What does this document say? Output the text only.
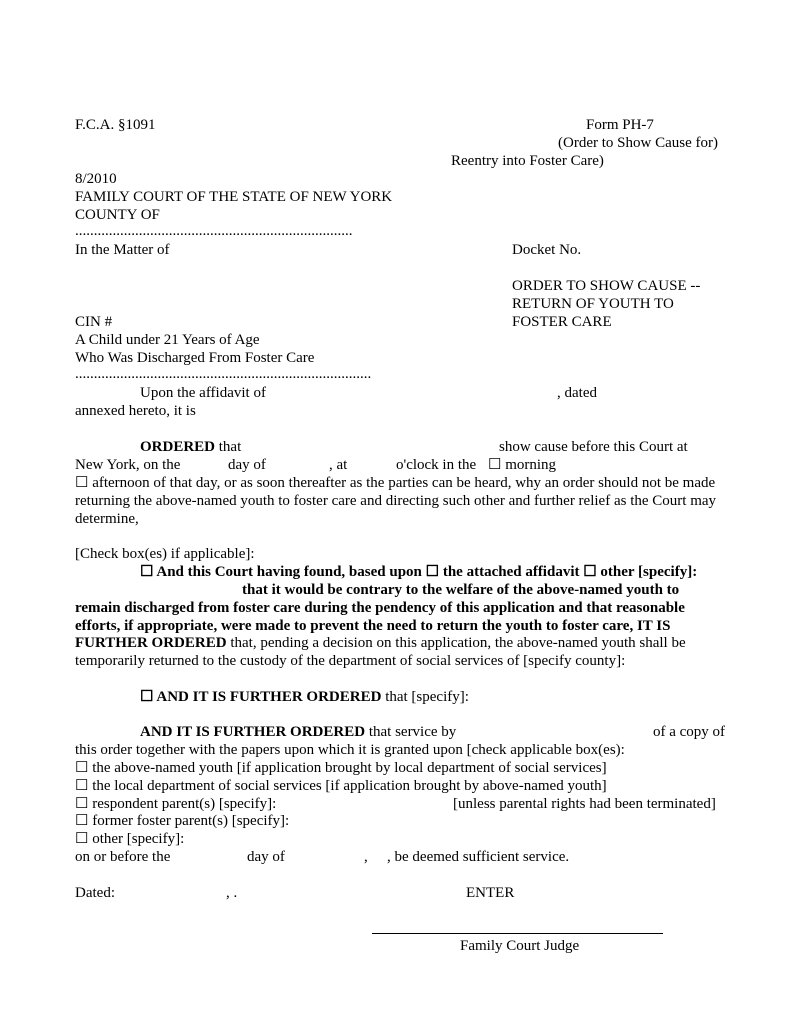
F.C.A. §1091	Form PH-7
(Order to Show Cause for)
Reentry into Foster Care)
8/2010
FAMILY COURT OF THE STATE OF NEW YORK
COUNTY OF
..........................................................................
In the Matter of	Docket No.
ORDER TO SHOW CAUSE --
RETURN OF YOUTH TO
FOSTER CARE
CIN #
A Child under 21 Years of Age
Who Was Discharged From Foster Care
...............................................................................
Upon the affidavit of	, dated
annexed hereto, it is
ORDERED that	show cause before this Court at
New York, on the	day of	, at	o'clock in the ☐ morning
☐ afternoon of that day, or as soon thereafter as the parties can be heard, why an order should not be made
returning the above-named youth to foster care and directing such other and further relief as the Court may
determine,
[Check box(es) if applicable]:
☐ And this Court having found, based upon ☐ the attached affidavit ☐ other [specify]:
that it would be contrary to the welfare of the above-named youth to
remain discharged from foster care during the pendency of this application and that reasonable
efforts, if appropriate, were made to prevent the need to return the youth to foster care, IT IS
FURTHER ORDERED that, pending a decision on this application, the above-named youth shall be
temporarily returned to the custody of the department of social services of [specify county]:
☐ AND IT IS FURTHER ORDERED that [specify]:
AND IT IS FURTHER ORDERED that service by	of a copy of
this order together with the papers upon which it is granted upon [check applicable box(es):
☐ the above-named youth [if application brought by local department of social services]
☐ the local department of social services [if application brought by above-named youth]
☐ respondent parent(s) [specify]:	[unless parental rights had been terminated]
☐ former foster parent(s) [specify]:
☐ other [specify]:
on or before the	day of	, , be deemed sufficient service.
Dated:	, .	ENTER
Family Court Judge
